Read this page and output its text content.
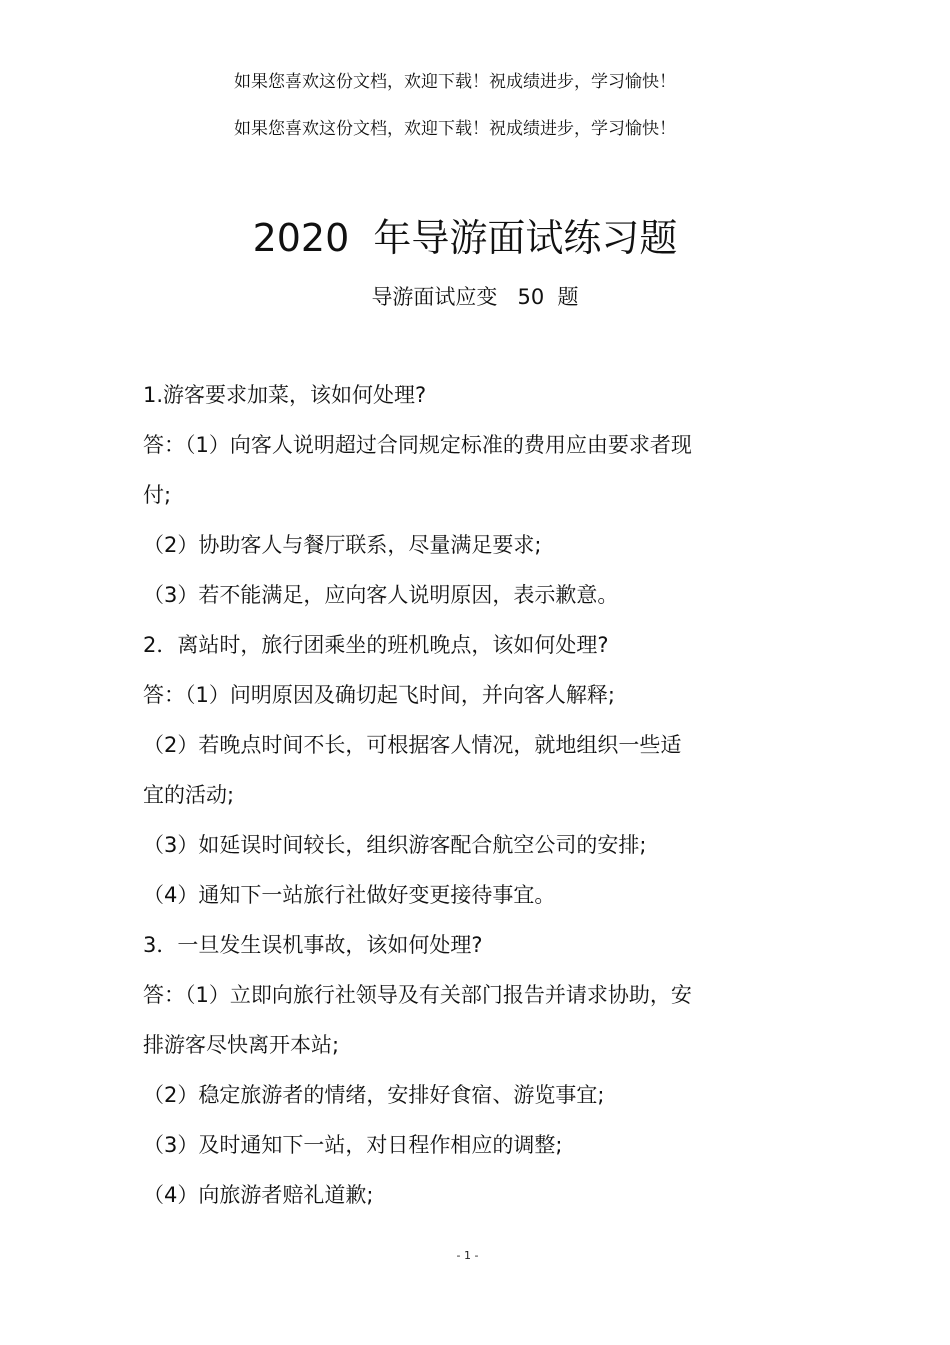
如果您喜欢这份文档，欢迎下载！祝成绩进步，学习愉快！
如果您喜欢这份文档，欢迎下载！祝成绩进步，学习愉快！
2020  年导游面试练习题
导游面试应变   50  题
1.游客要求加菜，该如何处理?
答：（1）向客人说明超过合同规定标准的费用应由要求者现
付;
（2）协助客人与餐厅联系，尽量满足要求;
（3）若不能满足，应向客人说明原因，表示歉意。
2．离站时，旅行团乘坐的班机晚点，该如何处理?
答：（1）问明原因及确切起飞时间，并向客人解释;
（2）若晚点时间不长，可根据客人情况，就地组织一些适
宜的活动;
（3）如延误时间较长，组织游客配合航空公司的安排;
（4）通知下一站旅行社做好变更接待事宜。
3．一旦发生误机事故，该如何处理?
答：（1）立即向旅行社领导及有关部门报告并请求协助，安
排游客尽快离开本站;
（2）稳定旅游者的情绪，安排好食宿、游览事宜;
（3）及时通知下一站，对日程作相应的调整;
（4）向旅游者赔礼道歉;
- 1 -
